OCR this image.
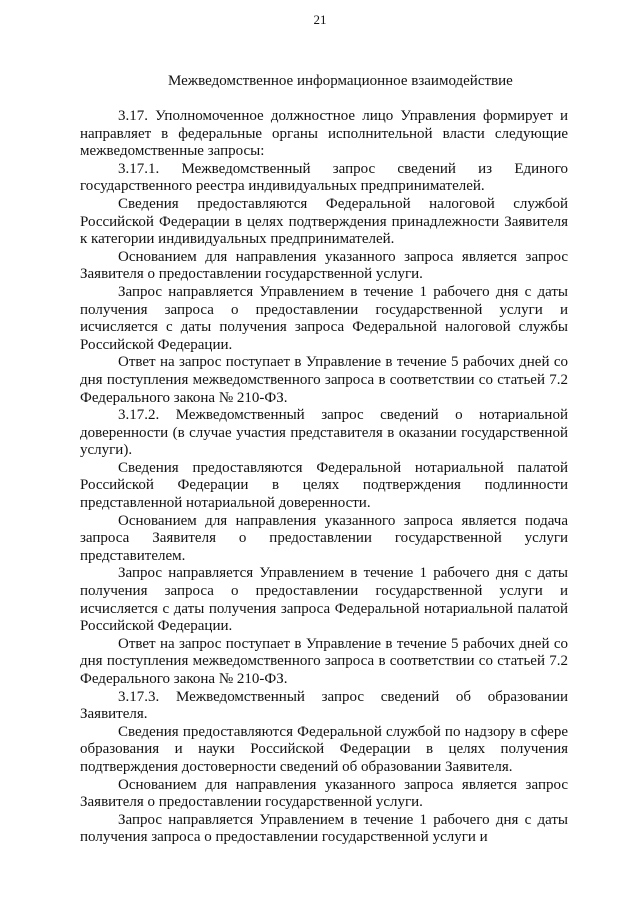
21
Межведомственное информационное взаимодействие

3.17. Уполномоченное должностное лицо Управления формирует и направляет в федеральные органы исполнительной власти следующие межведомственные запросы:

3.17.1. Межведомственный запрос сведений из Единого государственного реестра индивидуальных предпринимателей.

Сведения предоставляются Федеральной налоговой службой Российской Федерации в целях подтверждения принадлежности Заявителя к категории индивидуальных предпринимателей.

Основанием для направления указанного запроса является запрос Заявителя о предоставлении государственной услуги.

Запрос направляется Управлением в течение 1 рабочего дня с даты получения запроса о предоставлении государственной услуги и исчисляется с даты получения запроса Федеральной налоговой службы Российской Федерации.

Ответ на запрос поступает в Управление в течение 5 рабочих дней со дня поступления межведомственного запроса в соответствии со статьей 7.2 Федерального закона № 210-ФЗ.

3.17.2. Межведомственный запрос сведений о нотариальной доверенности (в случае участия представителя в оказании государственной услуги).

Сведения предоставляются Федеральной нотариальной палатой Российской Федерации в целях подтверждения подлинности представленной нотариальной доверенности.

Основанием для направления указанного запроса является подача запроса Заявителя о предоставлении государственной услуги представителем.

Запрос направляется Управлением в течение 1 рабочего дня с даты получения запроса о предоставлении государственной услуги и исчисляется с даты получения запроса Федеральной нотариальной палатой Российской Федерации.

Ответ на запрос поступает в Управление в течение 5 рабочих дней со дня поступления межведомственного запроса в соответствии со статьей 7.2 Федерального закона № 210-ФЗ.

3.17.3. Межведомственный запрос сведений об образовании Заявителя.

Сведения предоставляются Федеральной службой по надзору в сфере образования и науки Российской Федерации в целях получения подтверждения достоверности сведений об образовании Заявителя.

Основанием для направления указанного запроса является запрос Заявителя о предоставлении государственной услуги.

Запрос направляется Управлением в течение 1 рабочего дня с даты получения запроса о предоставлении государственной услуги и
